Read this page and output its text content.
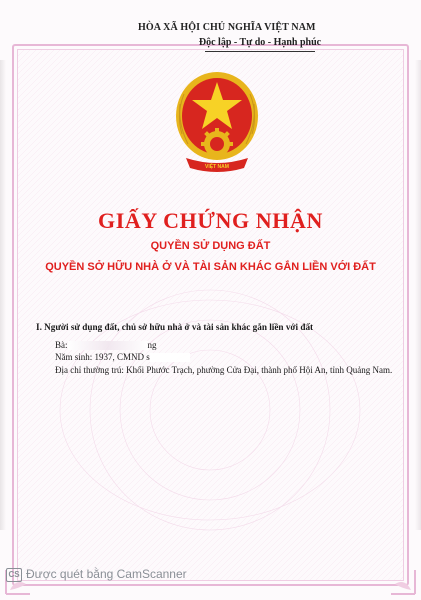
HÒA XÃ HỘI CHỦ NGHĨA VIỆT NAM
Độc lập - Tự do - Hạnh phúc
VIỆT NAM
GIẤY CHỨNG NHẬN
QUYỀN SỬ DỤNG ĐẤT
QUYỀN SỞ HỮU NHÀ Ở VÀ TÀI SẢN KHÁC GẮN LIỀN VỚI ĐẤT
I. Người sử dụng đất, chủ sở hữu nhà ở và tài sản khác gắn liền với đất
Bà:	ng
Năm sinh: 1937, CMND s
Địa chỉ thường trú: Khối Phước Trạch, phường Cửa Đại, thành phố Hội An, tỉnh Quảng Nam.
CS Được quét bằng CamScanner
